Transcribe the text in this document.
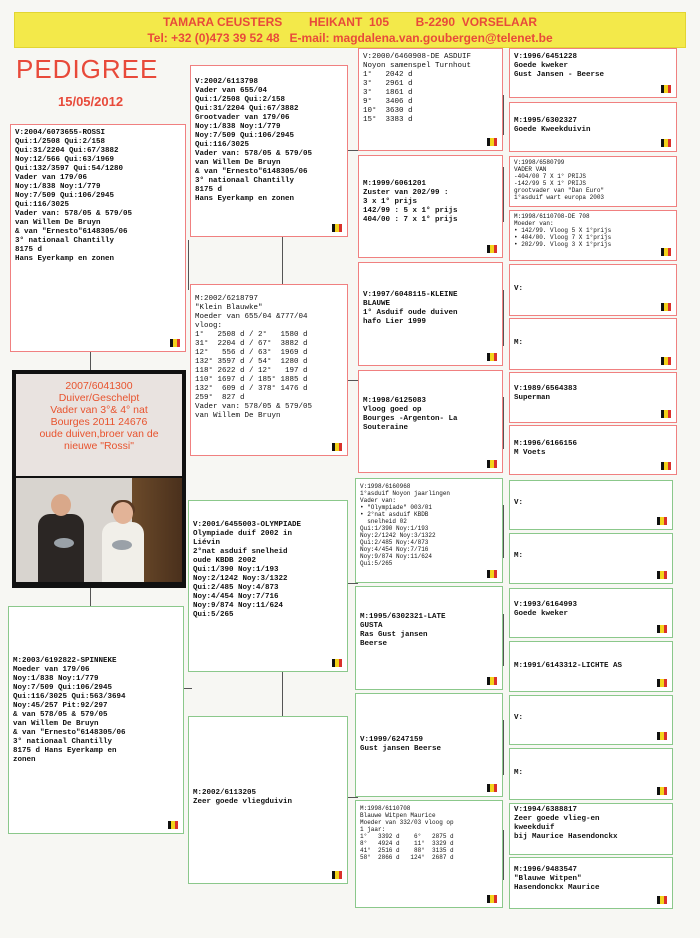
TAMARA CEUSTERS        HEIKANT  105        B-2290  VORSELAAR
Tel: +32 (0)473 39 52 48   E-mail: magdalena.van.goubergen@telenet.be
PEDIGREE
15/05/2012
V:2004/6073655-ROSSI
Qui:1/2508 Qui:2/158
Qui:31/2204 Qui:67/3882
Noy:12/566 Qui:63/1969
Qui:132/3597 Qui:54/1280
Vader van 179/06
Noy:1/838 Noy:1/779
Noy:7/509 Qui:106/2945
Qui:116/3025
Vader van: 578/05 & 579/05
van Willem De Bruyn
& van "Ernesto"6148305/06
3° nationaal Chantilly
8175 d
Hans Eyerkamp en zonen
M:2003/6192822-SPINNEKE
Moeder van 179/06
Noy:1/838 Noy:1/779
Noy:7/509 Qui:106/2945
Qui:116/3025 Qui:563/3694
Noy:45/257 Pit:92/297
& van 578/05 & 579/05
van Willem De Bruyn
& van "Ernesto"6148305/06
3° nationaal Chantilly
8175 d Hans Eyerkamp en
zonen
2007/6041300
Duiver/Geschelpt
Vader van 3°& 4° nat
Bourges 2011 24676
oude duiven,broer van de
nieuwe "Rossi"
V:2002/6113798
Vader van 655/04
Qui:1/2508 Qui:2/158
Qui:31/2204 Qui:67/3882
Grootvader van 179/06
Noy:1/838 Noy:1/779
Noy:7/509 Qui:106/2945
Qui:116/3025
Vader van: 578/05 & 579/05
van Willem De Bruyn
& van "Ernesto"6148305/06
3° nationaal Chantilly
8175 d
Hans Eyerkamp en zonen
M:2002/6218797
"Klein Blauwke"
Moeder van 655/04 &777/04
vloog:
1°   2508 d / 2°   1580 d
31°  2204 d / 67°  3882 d
12°   556 d / 63°  1969 d
132° 3597 d / 54°  1280 d
118° 2622 d / 12°   197 d
110° 1697 d / 185° 1885 d
132°  609 d / 378° 1476 d
259°  827 d
Vader van: 578/05 & 579/05
van Willem De Bruyn
V:2001/6455003-OLYMPIADE
Olympiade duif 2002 in
Liévin
2°nat asduif snelheid
oude KBDB 2002
Qui:1/390 Noy:1/193
Noy:2/1242 Noy:3/1322
Qui:2/485 Noy:4/873
Noy:4/454 Noy:7/716
Noy:9/874 Noy:11/624
Qui:5/265
M:2002/6113205
Zeer goede vliegduivin
V:2000/6460908-DE ASDUIF
Noyon samenspel Turnhout
1°   2042 d
3°   2961 d
3°   1861 d
9°   3406 d
10°  3630 d
15°  3383 d
M:1999/6061201
Zuster van 202/99 :
3 x 1° prijs
142/99 : 5 x 1° prijs
404/00 : 7 x 1° prijs
V:1997/6048115-KLEINE
BLAUWE
1° Asduif oude duiven
hafo Lier 1999
M:1998/6125083
Vloog goed op
Bourges -Argenton- La
Souteraine
V:1998/6160968
1°asduif Noyon jaarlingen
Vader van:
• "Olympiade" 003/01
• 2°nat asduif KBDB
snelheid 02
Qui:1/390 Noy:1/193
Noy:2/1242 Noy:3/1322
Qui:2/485 Noy:4/873
Noy:4/454 Noy:7/716
Noy:9/874 Noy:11/624
Qui:5/265
M:1995/6302321-LATE
GUSTA
Ras Gust jansen
Beerse
V:1999/6247159
Gust jansen Beerse
M:1998/6110708
Blauwe Witpen Maurice
Moeder van 332/03 vloog op
1 jaar:
1°   3392 d    6°   2875 d
8°   4924 d    11°  3329 d
41°  2516 d    88°  3135 d
58°  2866 d   124°  2687 d
V:1996/6451228
Goede kweker
Gust Jansen - Beerse
M:1995/6302327
Goede Kweekduivin
V:1998/6580799
VADER VAN
-404/00 7 X 1° PRIJS
-142/99 5 X 1° PRIJS
grootvader van "Dan Euro"
1°asduif wart europa 2003
M:1998/6110708-DE 708
Moeder van:
• 142/99. Vloog 5 X 1°prijs
• 404/00. Vloog 7 X 1°prijs
• 202/99. Vloog 3 X 1°prijs
V:
M:
V:1989/6564383
Superman
M:1996/6166156
M Voets
V:
M:
V:1993/6164993
Goede kweker
M:1991/6143312-LICHTE AS
V:
M:
V:1994/6388817
Zeer goede vlieg-en
kweekduif
bij Maurice Hasendonckx
M:1996/9483547
"Blauwe Witpen"
Hasendonckx Maurice
